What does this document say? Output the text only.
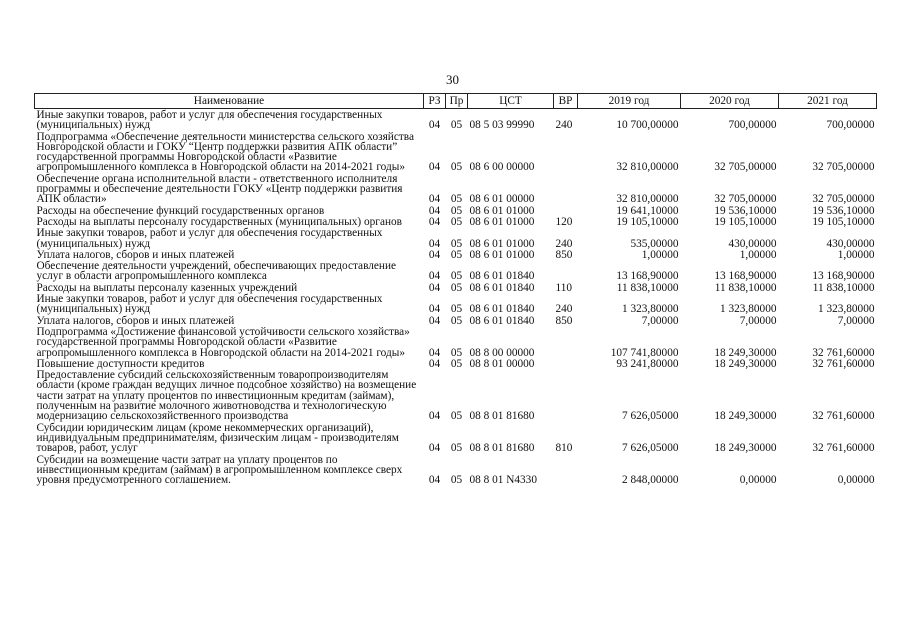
30
Наименование	РЗ	Пр	ЦСТ	ВР	2019 год	2020 год	2021 год
Иные закупки товаров, работ и услуг для обеспечения государственных (муниципальных) нужд	04	05	08 5 03 99990	240	10 700,00000	700,00000	700,00000
Подпрограмма «Обеспечение деятельности министерства сельского хозяйства Новгородской области и ГОКУ “Центр поддержки развития АПК области” государственной программы Новгородской области «Развитие агропромышленного комплекса в Новгородской области на 2014-2021 годы»	04	05	08 6 00 00000		32 810,00000	32 705,00000	32 705,00000
Обеспечение органа исполнительной власти - ответственного исполнителя программы и обеспечение деятельности ГОКУ «Центр поддержки развития АПК области»	04	05	08 6 01 00000		32 810,00000	32 705,00000	32 705,00000
Расходы на обеспечение функций государственных органов	04	05	08 6 01 01000		19 641,10000	19 536,10000	19 536,10000
Расходы на выплаты персоналу государственных (муниципальных) органов	04	05	08 6 01 01000	120	19 105,10000	19 105,10000	19 105,10000
Иные закупки товаров, работ и услуг для обеспечения государственных (муниципальных) нужд	04	05	08 6 01 01000	240	535,00000	430,00000	430,00000
Уплата налогов, сборов и иных платежей	04	05	08 6 01 01000	850	1,00000	1,00000	1,00000
Обеспечение деятельности учреждений, обеспечивающих предоставление услуг в области агропромышленного комплекса	04	05	08 6 01 01840		13 168,90000	13 168,90000	13 168,90000
Расходы на выплаты персоналу казенных учреждений	04	05	08 6 01 01840	110	11 838,10000	11 838,10000	11 838,10000
Иные закупки товаров, работ и услуг для обеспечения государственных (муниципальных) нужд	04	05	08 6 01 01840	240	1 323,80000	1 323,80000	1 323,80000
Уплата налогов, сборов и иных платежей	04	05	08 6 01 01840	850	7,00000	7,00000	7,00000
Подпрограмма «Достижение финансовой устойчивости сельского хозяйства» государственной программы Новгородской области «Развитие агропромышленного комплекса в Новгородской области на 2014-2021 годы»	04	05	08 8 00 00000		107 741,80000	18 249,30000	32 761,60000
Повышение доступности кредитов	04	05	08 8 01 00000		93 241,80000	18 249,30000	32 761,60000
Предоставление субсидий сельскохозяйственным товаропроизводителям области (кроме граждан ведущих личное подсобное хозяйство) на возмещение части затрат на уплату процентов по инвестиционным кредитам (займам), полученным на развитие молочного животноводства и технологическую модернизацию сельскохозяйственного производства	04	05	08 8 01 81680		7 626,05000	18 249,30000	32 761,60000
Субсидии юридическим лицам (кроме некоммерческих организаций), индивидуальным предпринимателям, физическим лицам - производителям товаров, работ, услуг	04	05	08 8 01 81680	810	7 626,05000	18 249,30000	32 761,60000
Субсидии на возмещение части затрат на уплату процентов по инвестиционным кредитам (займам) в агропромышленном комплексе сверх уровня предусмотренного соглашением.	04	05	08 8 01 N4330		2 848,00000	0,00000	0,00000
